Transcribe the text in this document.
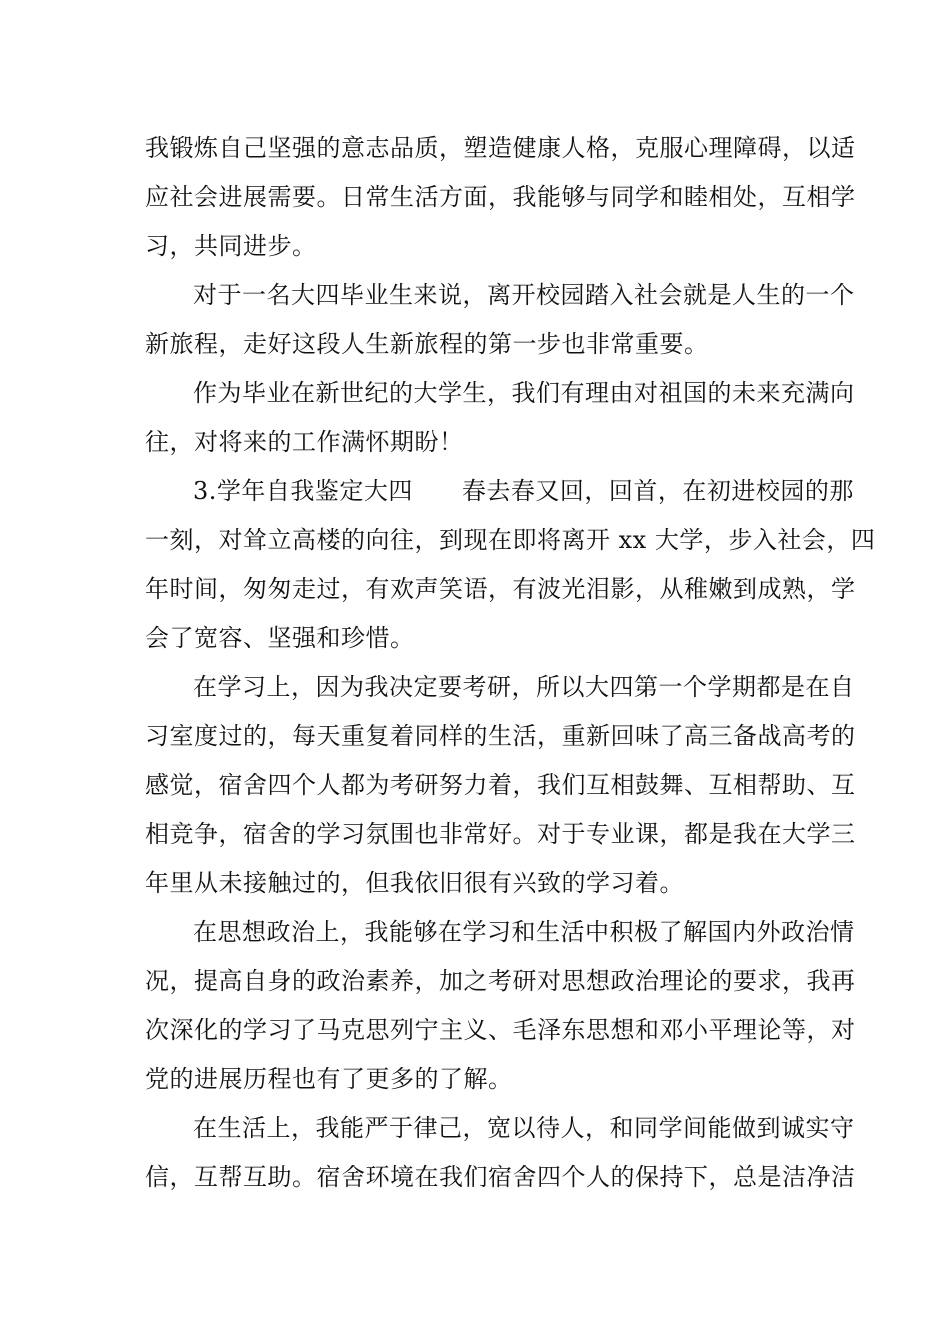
我锻炼自己坚强的意志品质，塑造健康人格，克服心理障碍，以适
应社会进展需要。日常生活方面，我能够与同学和睦相处，互相学
习，共同进步。
对于一名大四毕业生来说，离开校园踏入社会就是人生的一个
新旅程，走好这段人生新旅程的第一步也非常重要。
作为毕业在新世纪的大学生，我们有理由对祖国的未来充满向
往，对将来的工作满怀期盼！
3.学年自我鉴定大四　　春去春又回，回首，在初进校园的那
一刻，对耸立高楼的向往，到现在即将离开 xx 大学，步入社会，四
年时间，匆匆走过，有欢声笑语，有波光泪影，从稚嫩到成熟，学
会了宽容、坚强和珍惜。
在学习上，因为我决定要考研，所以大四第一个学期都是在自
习室度过的，每天重复着同样的生活，重新回味了高三备战高考的
感觉，宿舍四个人都为考研努力着，我们互相鼓舞、互相帮助、互
相竞争，宿舍的学习氛围也非常好。对于专业课，都是我在大学三
年里从未接触过的，但我依旧很有兴致的学习着。
在思想政治上，我能够在学习和生活中积极了解国内外政治情
况，提高自身的政治素养，加之考研对思想政治理论的要求，我再
次深化的学习了马克思列宁主义、毛泽东思想和邓小平理论等，对
党的进展历程也有了更多的了解。
在生活上，我能严于律己，宽以待人，和同学间能做到诚实守
信，互帮互助。宿舍环境在我们宿舍四个人的保持下，总是洁净洁
